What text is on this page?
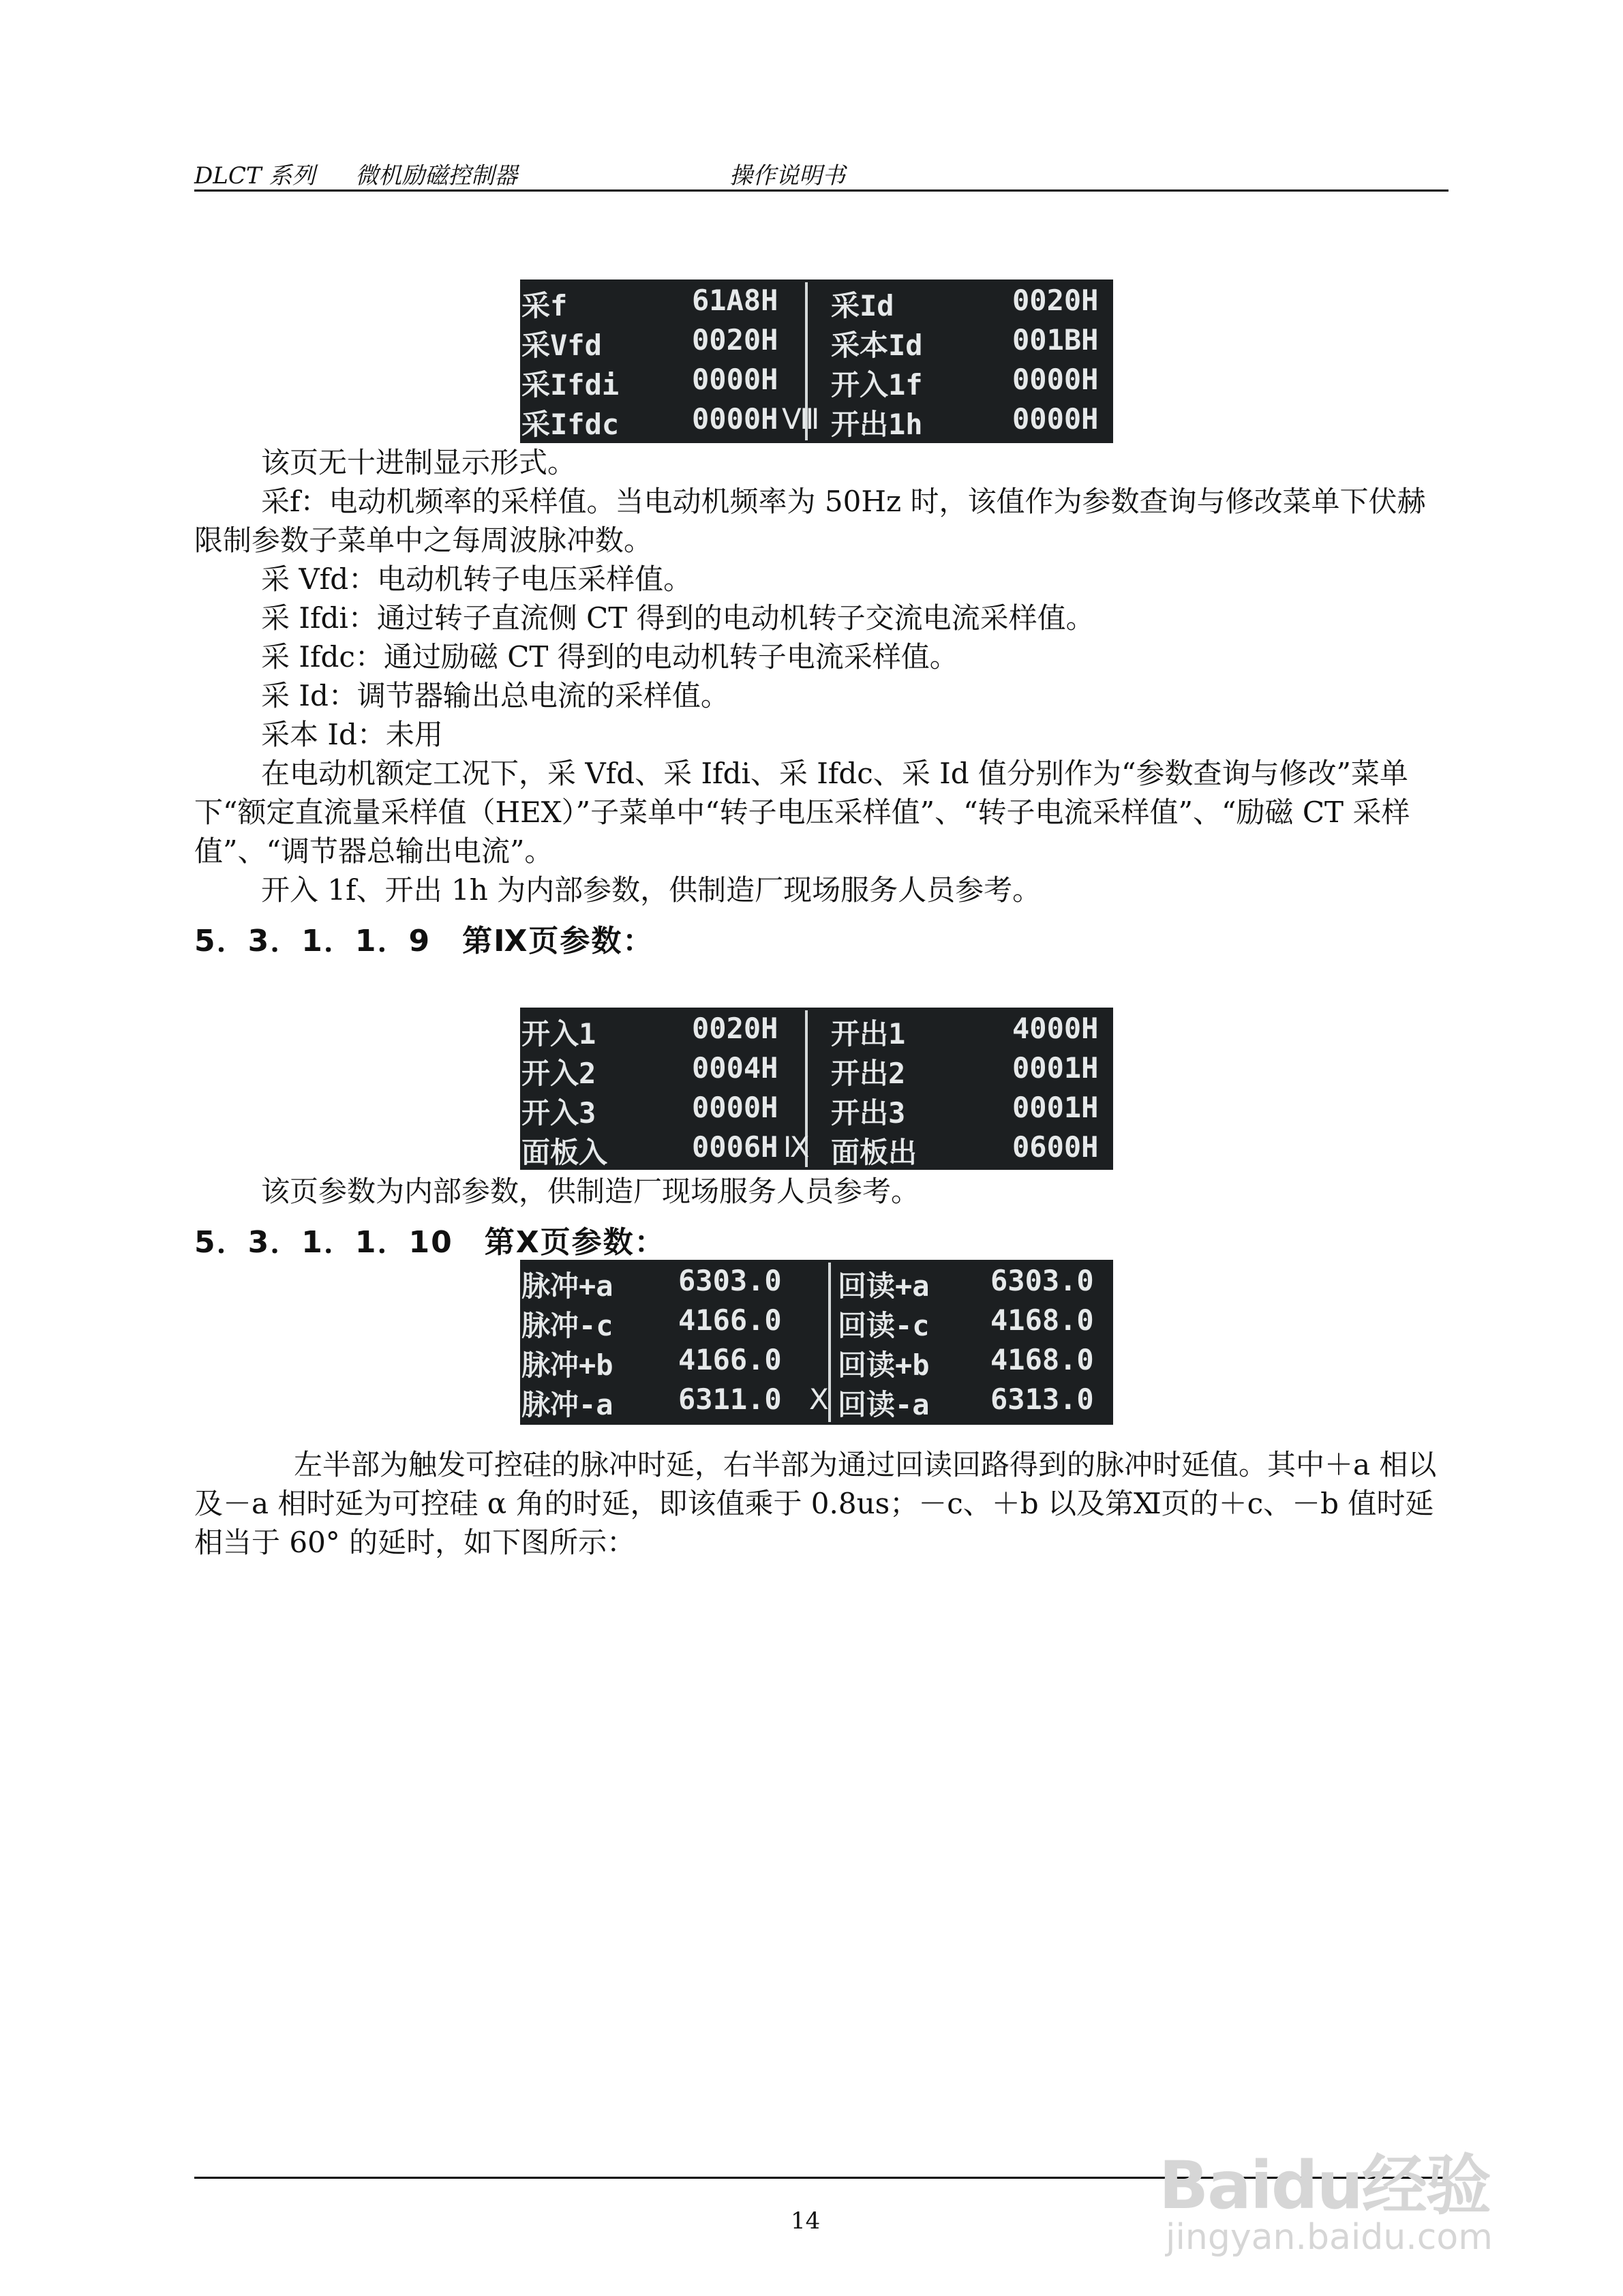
DLCT 系列 微机励磁控制器	操作说明书
采f	61A8H 采Id	0020H
采Vfd	0020H 采本Id	001BH
采Ifdi	0000H 开入1f	0000H
采Ifdc	0000H Ⅷ 开出1h	0000H
该页无十进制显示形式。
采f：电动机频率的采样值。当电动机频率为 50Hz 时，该值作为参数查询与修改菜单下伏赫限制参数子菜单中之每周波脉冲数。
采 Vfd：电动机转子电压采样值。
采 Ifdi：通过转子直流侧 CT 得到的电动机转子交流电流采样值。
采 Ifdc：通过励磁 CT 得到的电动机转子电流采样值。
采 Id：调节器输出总电流的采样值。
采本 Id：未用
在电动机额定工况下，采 Vfd、采 Ifdi、采 Ifdc、采 Id 值分别作为“参数查询与修改”菜单下“额定直流量采样值（HEX）”子菜单中“转子电压采样值”、“转子电流采样值”、“励磁 CT 采样值”、“调节器总输出电流”。
开入 1f、开出 1h 为内部参数，供制造厂现场服务人员参考。
5．3．1．1．9　第Ⅸ页参数：
开入1	0020H 开出1	4000H
开入2	0004H 开出2	0001H
开入3	0000H 开出3	0001H
面板入	0006H Ⅸ 面板出	0600H
该页参数为内部参数，供制造厂现场服务人员参考。
5．3．1．1．10　第Ⅹ页参数：
脉冲+a 6303.0 回读+a 6303.0
脉冲-c 4166.0 回读-c 4168.0
脉冲+b 4166.0 回读+b 4168.0
脉冲-a 6311.0 Ⅹ 回读-a 6313.0
左半部为触发可控硅的脉冲时延，右半部为通过回读回路得到的脉冲时延值。其中＋a 相以及－a 相时延为可控硅 α 角的时延，即该值乘于 0.8us；－c、＋b 以及第Ⅺ页的＋c、－b 值时延相当于 60° 的延时，如下图所示：
14	Baidu经验
jingyan.baidu.com
